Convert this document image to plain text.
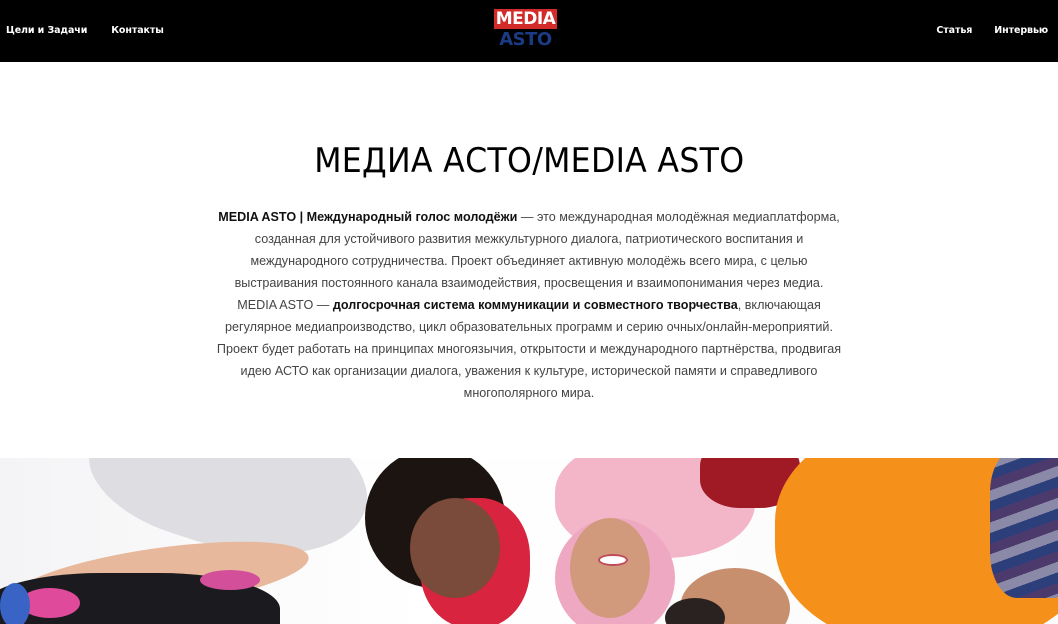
Цели и Задачи	Контакты
MEDIA
ASTO	Статья Интервью
МЕДИА АСТО/MEDIA ASTO

MEDIA ASTO | Международный голос молодёжи — это международная молодёжная медиаплатформа, созданная для устойчивого развития межкультурного диалога, патриотического воспитания и международного сотрудничества. Проект объединяет активную молодёжь всего мира, с целью выстраивания постоянного канала взаимодействия, просвещения и взаимопонимания через медиа.

MEDIA ASTO — долгосрочная система коммуникации и совместного творчества, включающая регулярное медиапроизводство, цикл образовательных программ и серию очных/онлайн-мероприятий. Проект будет работать на принципах многоязычия, открытости и международного партнёрства, продвигая идею АСТО как организации диалога, уважения к культуре, исторической памяти и справедливого многополярного мира.
